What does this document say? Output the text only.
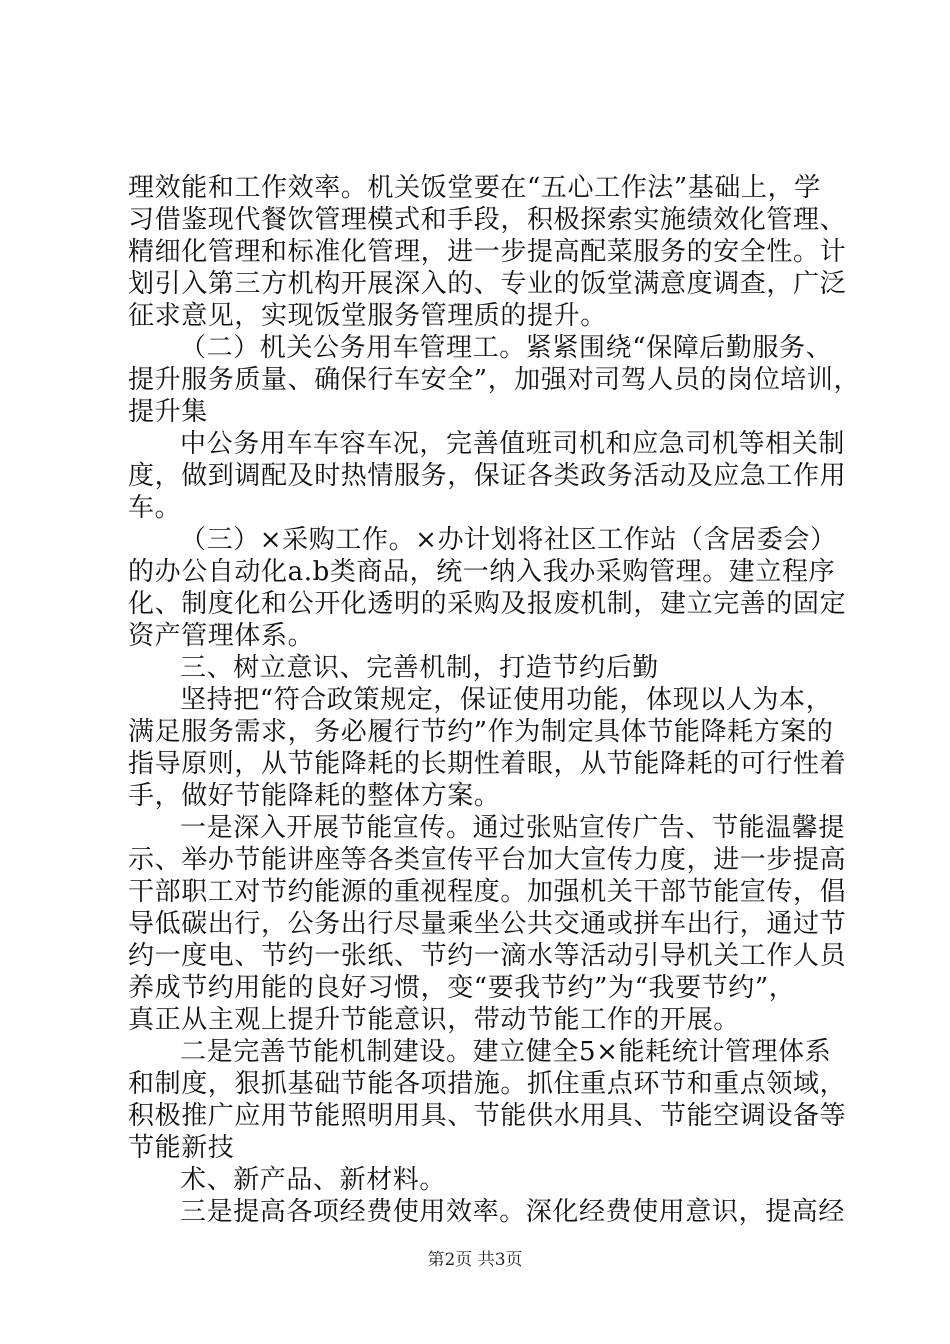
理效能和工作效率。机关饭堂要在“五心工作法”基础上，学
习借鉴现代餐饮管理模式和手段，积极探索实施绩效化管理、
精细化管理和标准化管理，进一步提高配菜服务的安全性。计
划引入第三方机构开展深入的、专业的饭堂满意度调查，广泛
征求意见，实现饭堂服务管理质的提升。
（二）机关公务用车管理工。紧紧围绕“保障后勤服务、
提升服务质量、确保行车安全”，加强对司驾人员的岗位培训，
提升集
中公务用车车容车况，完善值班司机和应急司机等相关制
度，做到调配及时热情服务，保证各类政务活动及应急工作用
车。
（三）×采购工作。×办计划将社区工作站（含居委会）
的办公自动化a.b类商品，统一纳入我办采购管理。建立程序
化、制度化和公开化透明的采购及报废机制，建立完善的固定
资产管理体系。
三、树立意识、完善机制，打造节约后勤
坚持把“符合政策规定，保证使用功能，体现以人为本，
满足服务需求，务必履行节约”作为制定具体节能降耗方案的
指导原则，从节能降耗的长期性着眼，从节能降耗的可行性着
手，做好节能降耗的整体方案。
一是深入开展节能宣传。通过张贴宣传广告、节能温馨提
示、举办节能讲座等各类宣传平台加大宣传力度，进一步提高
干部职工对节约能源的重视程度。加强机关干部节能宣传，倡
导低碳出行，公务出行尽量乘坐公共交通或拼车出行，通过节
约一度电、节约一张纸、节约一滴水等活动引导机关工作人员
养成节约用能的良好习惯，变“要我节约”为“我要节约”，
真正从主观上提升节能意识，带动节能工作的开展。
二是完善节能机制建设。建立健全5×能耗统计管理体系
和制度，狠抓基础节能各项措施。抓住重点环节和重点领域，
积极推广应用节能照明用具、节能供水用具、节能空调设备等
节能新技
术、新产品、新材料。
三是提高各项经费使用效率。深化经费使用意识，提高经
第2页 共3页
